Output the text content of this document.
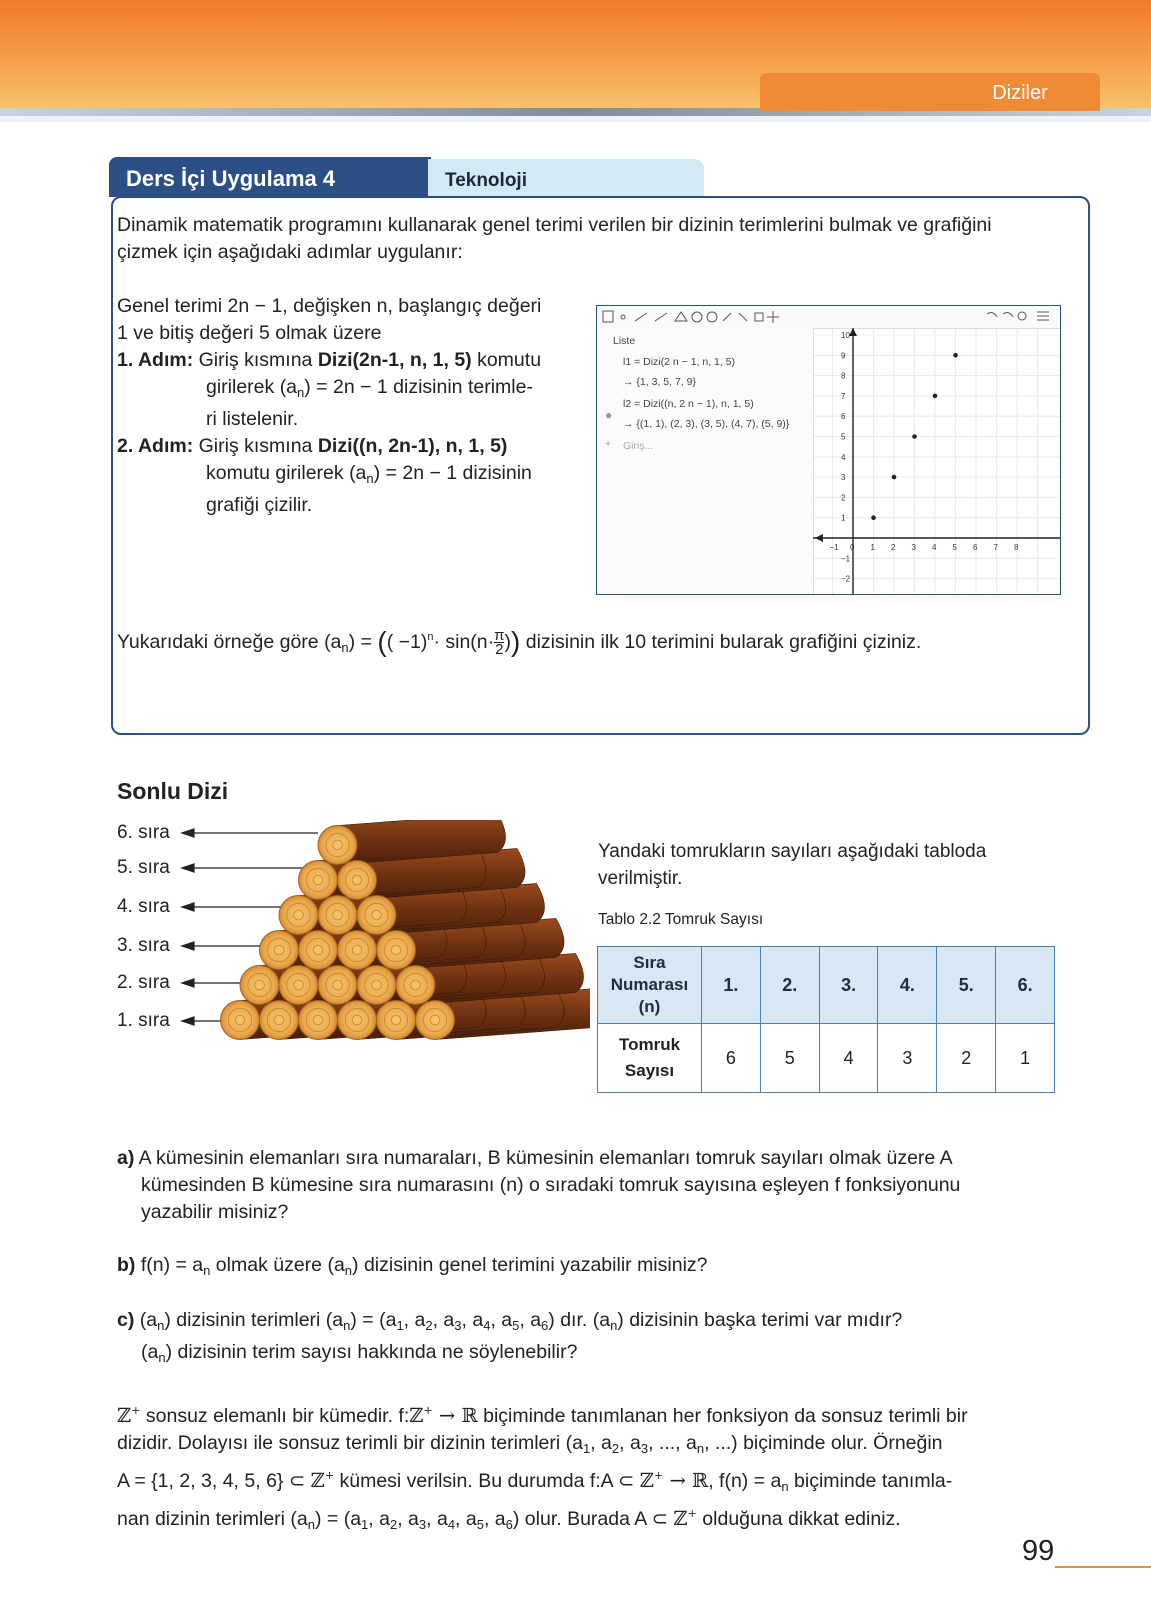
Diziler
Ders İçi Uygulama 4	Teknoloji
Dinamik matematik programını kullanarak genel terimi verilen bir dizinin terimlerini bulmak ve grafiğini
çizmek için aşağıdaki adımlar uygulanır:
Genel terimi 2n − 1, değişken n, başlangıç değeri
1 ve bitiş değeri 5 olmak üzere
1. Adım: Giriş kısmına Dizi(2n-1, n, 1, 5) komutu
girilerek $(a_n) = 2n - 1$ dizisinin terimle-
ri listelenir.
2. Adım: Giriş kısmına Dizi((n, 2n-1), n, 1, 5)
komutu girilerek $(a_n) = 2n - 1$ dizisinin
grafiği çizilir.
Liste
l1 = Dizi(2 n − 1, n, 1, 5)
→ {1, 3, 5, 7, 9}
l2 = Dizi((n, 2 n − 1), n, 1, 5)
→ {(1, 1), (2, 3), (3, 5), (4, 7), (5, 9)}
●
+ Giriş...
−1 0 1 2 3 4 5 6 7 8
10
9
8
7
6
5
4
3
2
1
−1
−2
Yukarıdaki örneğe göre $(a_n)$ = (( $-1)^n\cdot \sin(n\cdot \frac{\pi}{2}$ )) dizisinin ilk 10 terimini bularak grafiğini çiziniz.
Sonlu Dizi
6. sıra
5. sıra
4. sıra
3. sıra
2. sıra
1. sıra
Yandaki tomrukların sayıları aşağıdaki tabloda
verilmiştir.
Tablo 2.2 Tomruk Sayısı
Sıra
Numarası
(n)	1.	2.	3.	4.	5.	6.

Tomruk
Sayısı	6	5	4	3	2	1
a) A kümesinin elemanları sıra numaraları, B kümesinin elemanları tomruk sayıları olmak üzere A
kümesinden B kümesine sıra numarasını (n) o sıradaki tomruk sayısına eşleyen f fonksiyonunu
yazabilir misiniz?
b) $f(n) = a_n$ olmak üzere $(a_n)$ dizisinin genel terimini yazabilir misiniz?
c) $(a_n)$ dizisinin terimleri $(a_n) = (a_1$, $a_2$, $a_3$, $a_4$, $a_5$, $a_6$) dır. $(a_n)$ dizisinin başka terimi var mıdır?
$(a_n)$ dizisinin terim sayısı hakkında ne söylenebilir?
ℤ+ sonsuz elemanlı bir kümedir. f:ℤ+ → ℝ biçiminde tanımlanan her fonksiyon da sonsuz terimli bir
dizidir. Dolayısı ile sonsuz terimli bir dizinin terimleri ($a_1$, $a_2$, $a_3$, ..., $a_n$, ...) biçiminde olur. Örneğin
A = {1, 2, 3, 4, 5, 6} ⊂ ℤ+ kümesi verilsin. Bu durumda f:A ⊂ ℤ+ → ℝ, $f(n) = a_n$ biçiminde tanımla-
nan dizinin terimleri $(a_n) = (a_1$, $a_2$, $a_3$, $a_4$, $a_5$, $a_6$) olur. Burada A ⊂ ℤ+ olduğuna dikkat ediniz.
99
